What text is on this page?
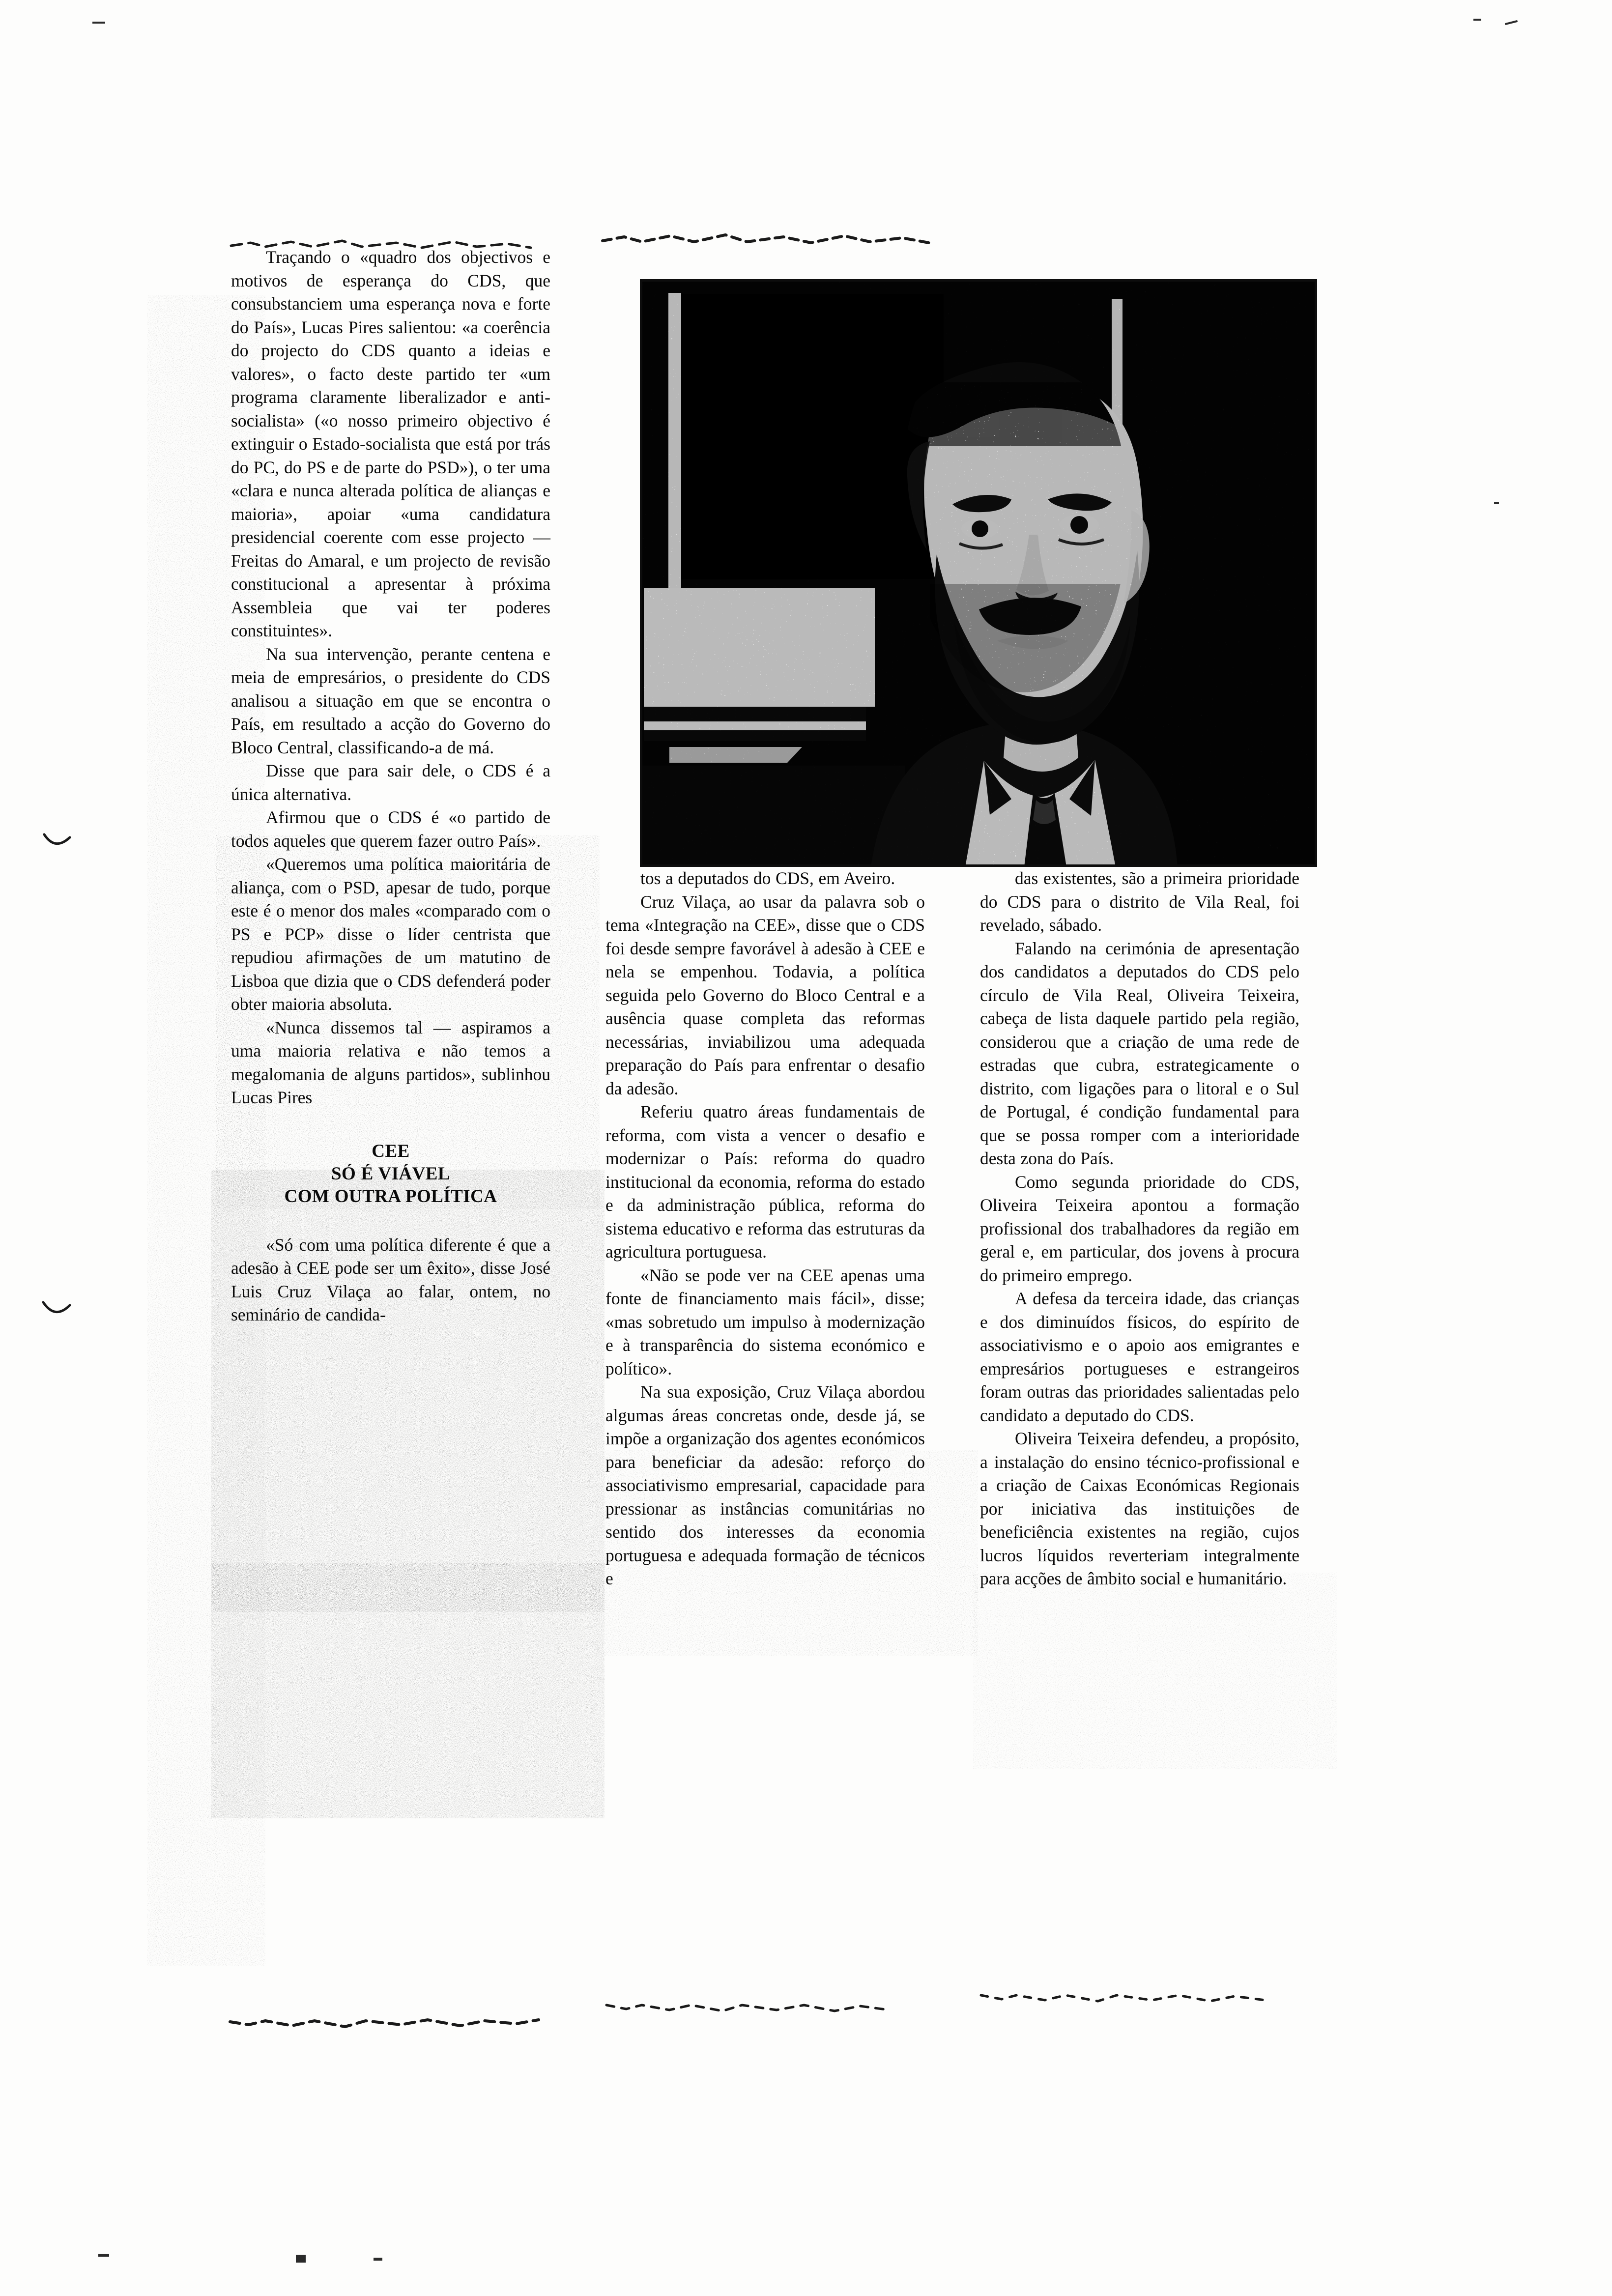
Traçando o «quadro dos objectivos e motivos de esperança do CDS, que consubstanciem uma esperança nova e forte do País», Lucas Pires salientou: «a coerência do projecto do CDS quanto a ideias e valores», o facto deste partido ter «um programa claramente liberalizador e anti-socialista» («o nosso primeiro objectivo é extinguir o Estado-socialista que está por trás do PC, do PS e de parte do PSD»), o ter uma «clara e nunca alterada política de alianças e maioria», apoiar «uma candidatura presidencial coerente com esse projecto — Freitas do Amaral, e um projecto de revisão constitucional a apresentar à próxima Assembleia que vai ter poderes constituintes».

Na sua intervenção, perante centena e meia de empresários, o presidente do CDS analisou a situação em que se encontra o País, em resultado a acção do Governo do Bloco Central, classificando-a de má.

Disse que para sair dele, o CDS é a única alternativa.

Afirmou que o CDS é «o partido de todos aqueles que querem fazer outro País».

«Queremos uma política maioritária de aliança, com o PSD, apesar de tudo, porque este é o menor dos males «comparado com o PS e PCP» disse o líder centrista que repudiou afirmações de um matutino de Lisboa que dizia que o CDS defenderá poder obter maioria absoluta.

«Nunca dissemos tal — aspiramos a uma maioria relativa e não temos a megalomania de alguns partidos», sublinhou Lucas Pires

CEE
SÓ É VIÁVEL
COM OUTRA POLÍTICA

«Só com uma política diferente é que a adesão à CEE pode ser um êxito», disse José Luis Cruz Vilaça ao falar, ontem, no seminário de candida-

tos a deputados do CDS, em Aveiro.

Cruz Vilaça, ao usar da palavra sob o tema «Integração na CEE», disse que o CDS foi desde sempre favorável à adesão à CEE e nela se empenhou. Todavia, a política seguida pelo Governo do Bloco Central e a ausência quase completa das reformas necessárias, inviabilizou uma adequada preparação do País para enfrentar o desafio da adesão.

Referiu quatro áreas fundamentais de reforma, com vista a vencer o desafio e modernizar o País: reforma do quadro institucional da economia, reforma do estado e da administração pública, reforma do sistema educativo e reforma das estruturas da agricultura portuguesa.

«Não se pode ver na CEE apenas uma fonte de financiamento mais fácil», disse; «mas sobretudo um impulso à modernização e à transparência do sistema económico e político».

Na sua exposição, Cruz Vilaça abordou algumas áreas concretas onde, desde já, se impõe a organização dos agentes económicos para beneficiar da adesão: reforço do associativismo empresarial, capacidade para pressionar as instâncias comunitárias no sentido dos interesses da economia portuguesa e adequada formação de técnicos e

das existentes, são a primeira prioridade do CDS para o distrito de Vila Real, foi revelado, sábado.

Falando na cerimónia de apresentação dos candidatos a deputados do CDS pelo círculo de Vila Real, Oliveira Teixeira, cabeça de lista daquele partido pela região, considerou que a criação de uma rede de estradas que cubra, estrategicamente o distrito, com ligações para o litoral e o Sul de Portugal, é condição fundamental para que se possa romper com a interioridade desta zona do País.

Como segunda prioridade do CDS, Oliveira Teixeira apontou a formação profissional dos trabalhadores da região em geral e, em particular, dos jovens à procura do primeiro emprego.

A defesa da terceira idade, das crianças e dos diminuídos físicos, do espírito de associativismo e o apoio aos emigrantes e empresários portugueses e estrangeiros foram outras das prioridades salientadas pelo candidato a deputado do CDS.

Oliveira Teixeira defendeu, a propósito, a instalação do ensino técnico-profissional e a criação de Caixas Económicas Regionais por iniciativa das instituições de beneficiência existentes na região, cujos lucros líquidos reverteriam integralmente para acções de âmbito social e humanitário.
